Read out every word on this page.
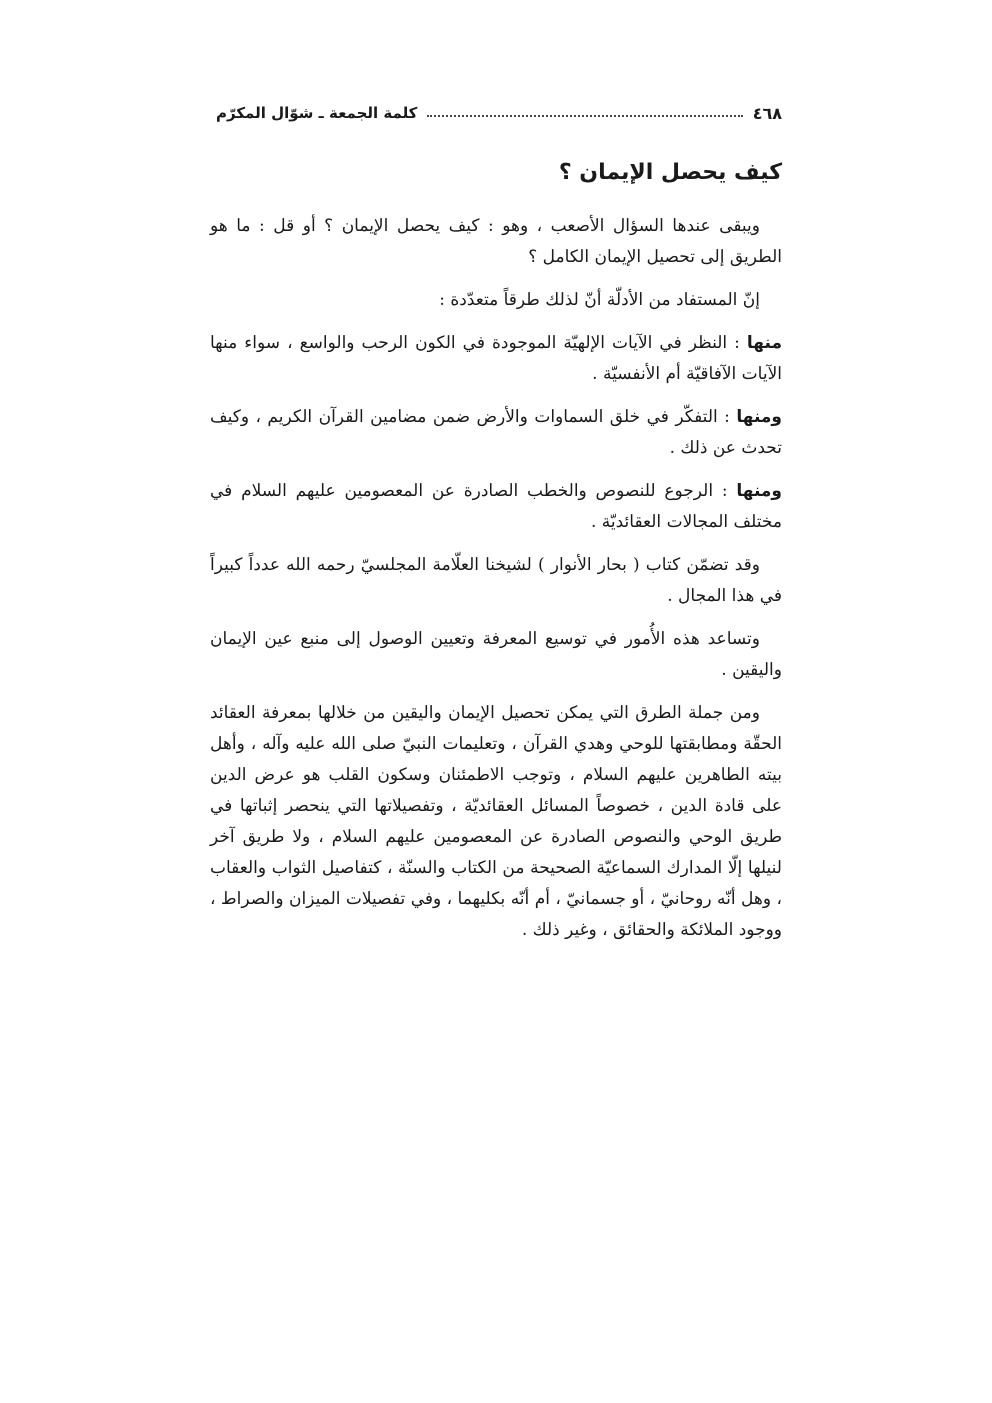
كلمة الجمعة ـ شوّال المكرّم	٤٦٨
كيف يحصل الإيمان ؟

ويبقى عندها السؤال الأصعب ، وهو : كيف يحصل الإيمان ؟ أو قل : ما هو الطريق إلى تحصيل الإيمان الكامل ؟

إنّ المستفاد من الأدلّة أنّ لذلك طرقاً متعدّدة :

منها : النظر في الآيات الإلهيّة الموجودة في الكون الرحب والواسع ، سواء منها الآيات الآفاقيّة أم الأنفسيّة .

ومنها : التفكّر في خلق السماوات والأرض ضمن مضامين القرآن الكريم ، وكيف تحدث عن ذلك .

ومنها : الرجوع للنصوص والخطب الصادرة عن المعصومين عليهم السلام في مختلف المجالات العقائديّة .

وقد تضمّن كتاب ( بحار الأنوار ) لشيخنا العلّامة المجلسيّ رحمه الله عدداً كبيراً في هذا المجال .

وتساعد هذه الأُمور في توسيع المعرفة وتعيين الوصول إلى منبع عين الإيمان واليقين .

ومن جملة الطرق التي يمكن تحصيل الإيمان واليقين من خلالها بمعرفة العقائد الحقّة ومطابقتها للوحي وهدي القرآن ، وتعليمات النبيّ صلى الله عليه وآله ، وأهل بيته الطاهرين عليهم السلام ، وتوجب الاطمئنان وسكون القلب هو عرض الدين على قادة الدين ، خصوصاً المسائل العقائديّة ، وتفصيلاتها التي ينحصر إثباتها في طريق الوحي والنصوص الصادرة عن المعصومين عليهم السلام ، ولا طريق آخر لنيلها إلّا المدارك السماعيّة الصحيحة من الكتاب والسنّة ، كتفاصيل الثواب والعقاب ، وهل أنّه روحانيّ ، أو جسمانيّ ، أم أنّه بكليهما ، وفي تفصيلات الميزان والصراط ، ووجود الملائكة والحقائق ، وغير ذلك .
